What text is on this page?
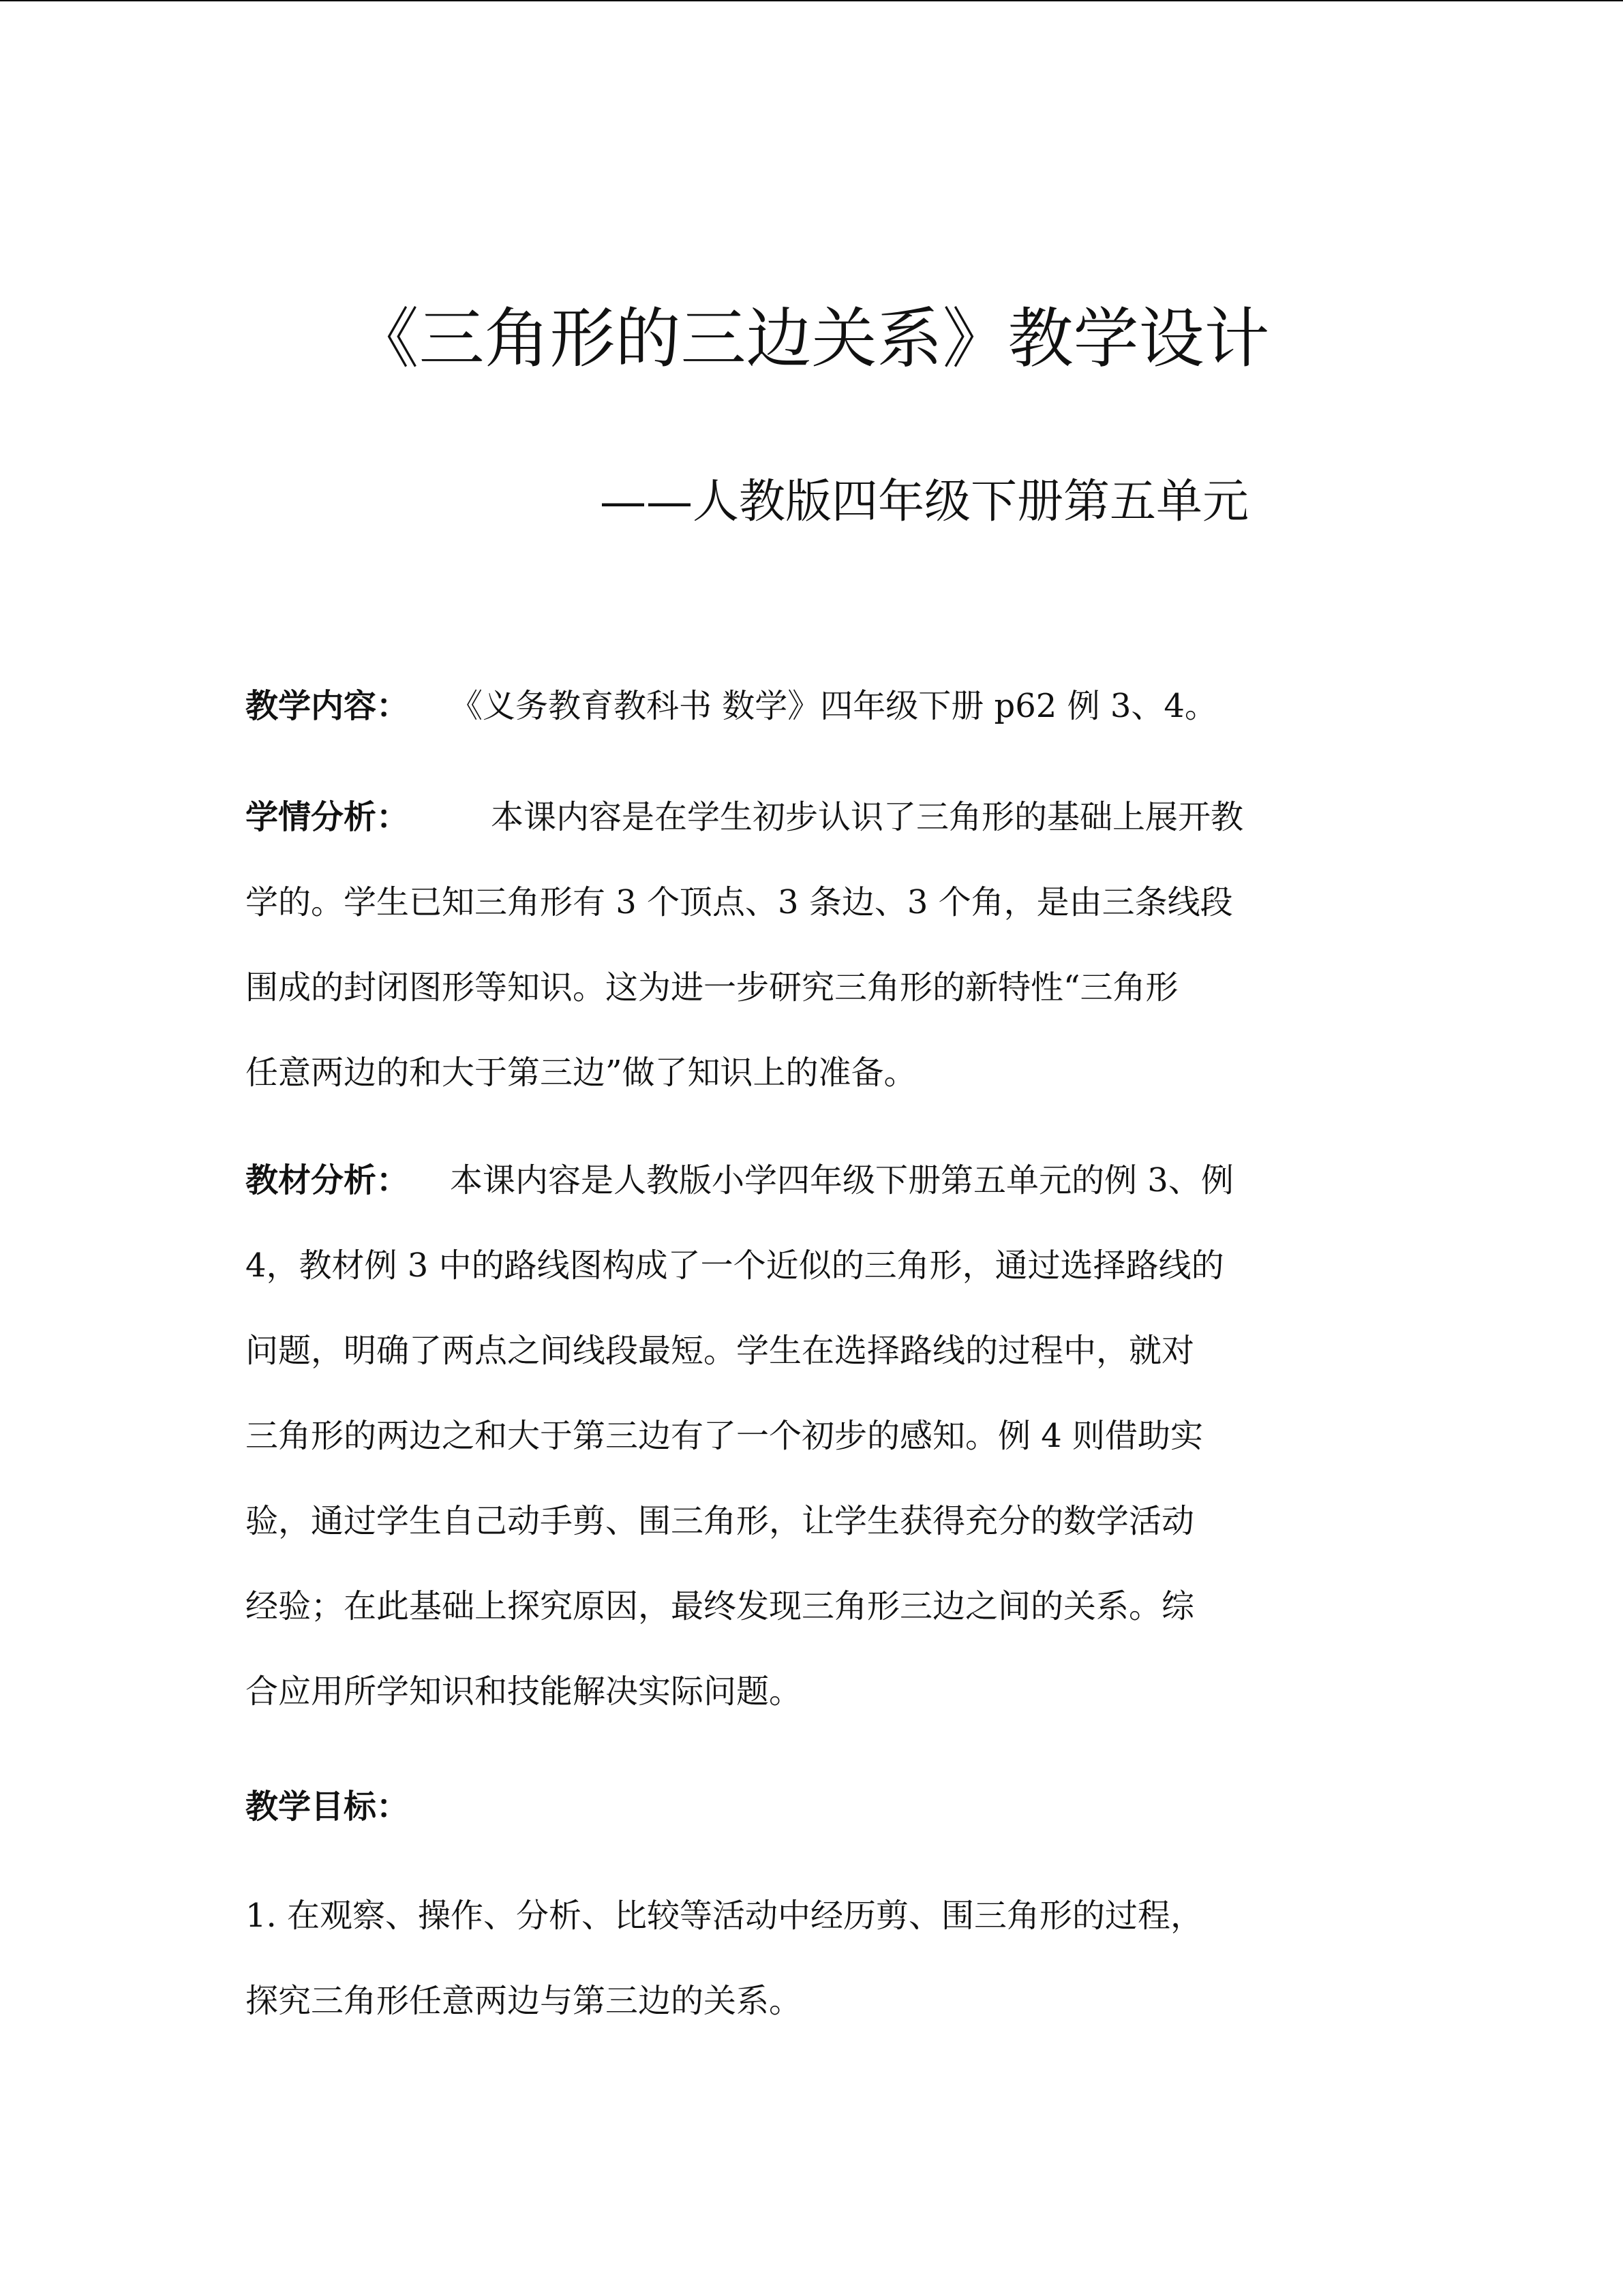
《三角形的三边关系》教学设计
——人教版四年级下册第五单元
教学内容： 《义务教育教科书 数学》四年级下册 p62 例 3、4。
学情分析：	本课内容是在学生初步认识了三角形的基础上展开教
学的。学生已知三角形有 3 个顶点、3 条边、3 个角，是由三条线段
围成的封闭图形等知识。这为进一步研究三角形的新特性“三角形
任意两边的和大于第三边”做了知识上的准备。
教材分析： 本课内容是人教版小学四年级下册第五单元的例 3、例
4，教材例 3 中的路线图构成了一个近似的三角形，通过选择路线的
问题，明确了两点之间线段最短。学生在选择路线的过程中，就对
三角形的两边之和大于第三边有了一个初步的感知。例 4 则借助实
验，通过学生自己动手剪、围三角形，让学生获得充分的数学活动
经验；在此基础上探究原因，最终发现三角形三边之间的关系。综
合应用所学知识和技能解决实际问题。
教学目标：
1. 在观察、操作、分析、比较等活动中经历剪、围三角形的过程，
探究三角形任意两边与第三边的关系。
